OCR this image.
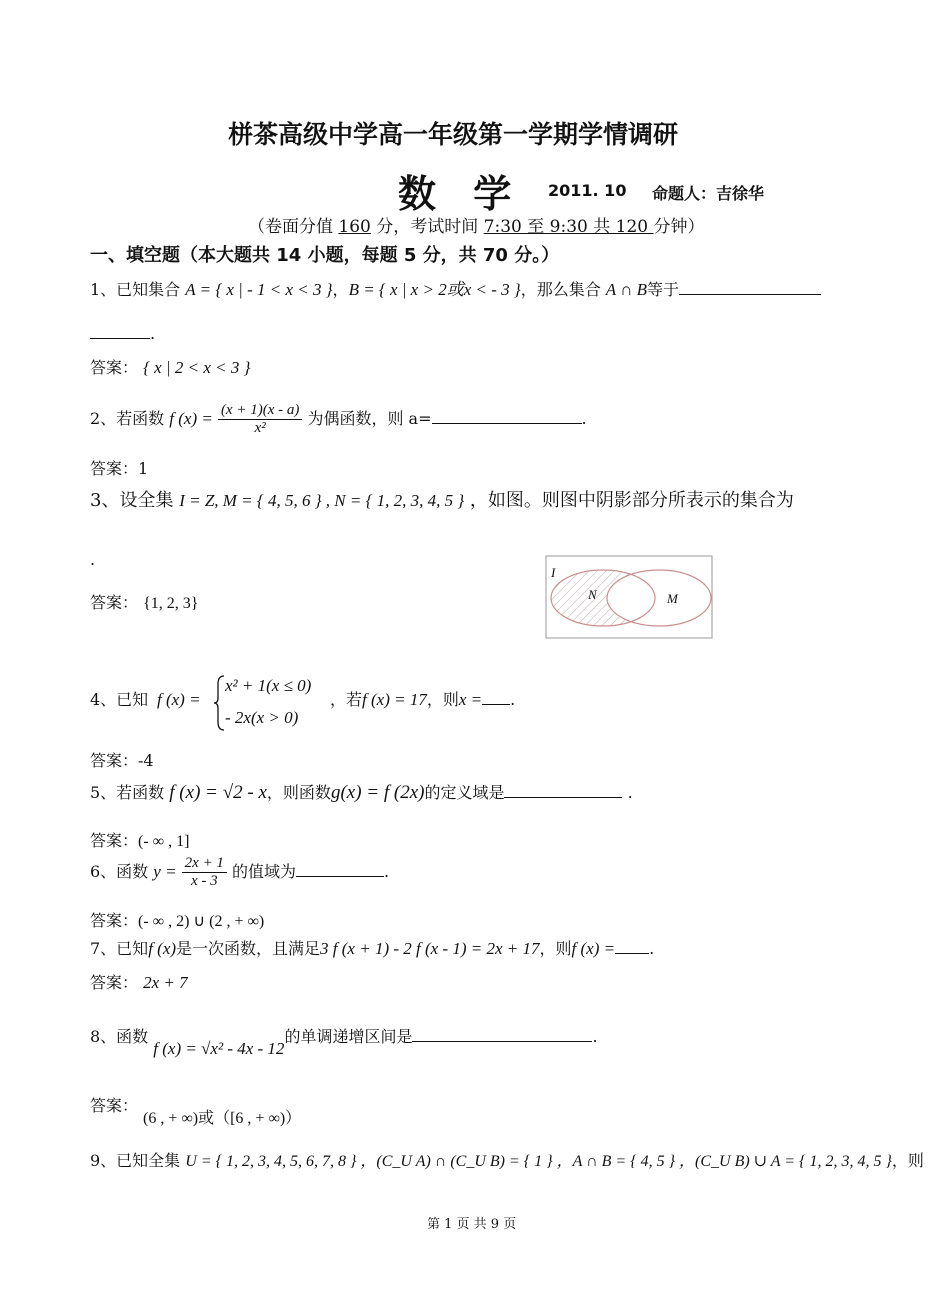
栟茶高级中学高一年级第一学期学情调研
数 学 2011. 10 命题人：吉徐华
（卷面分值 160 分，考试时间 7:30 至 9:30 共 120 分钟）
一、填空题（本大题共 14 小题，每题 5 分，共 70 分。）
1、已知集合 A = { x | - 1 < x < 3 }，B = { x | x > 2或x < - 3 }，那么集合 A ∩ B等于
.
答案： { x | 2 < x < 3 }
2、若函数 f $(x) = \frac{(x + 1)(x - a)}{\text{x²}}$ 为偶函数，则 a=	.
答案：1
3、设全集 I = Z, M = { 4, 5, 6 } , N = { 1, 2, 3, 4, 5 } ，如图。则图中阴影部分所表示的集合为
.
答案： {1, 2, 3}
I
N	M
4、已知 f (x) =
x² + 1(x ≤ 0)
- 2x(x > 0)
，若f (x) = 17，则x = .
答案：-4
5、若函数 f (x) = √2 - x，则函数g(x) = f (2x)的定义域是	.
答案：(- ∞ , 1]
6、函数 $y = \frac{2x + 1}{x - 3}$ 的值域为	.
答案：(- ∞ , 2) ∪ (2 , + ∞)
7、已知f (x)是一次函数，且满足3 f (x + 1) - 2 f (x - 1) = 2x + 17，则f (x) = .
答案： 2x + 7
8、函数 f (x) = √x² - 4x - 12的单调递增区间是	.
答案：
(6 , + ∞)或（[6 , + ∞)）
9、已知全集 U = { 1, 2, 3, 4, 5, 6, 7, 8 } ，(C_U A) ∩ (C_U B) = { 1 } ，A ∩ B = { 4, 5 } ，(C_U B) ∪ A = { 1, 2, 3, 4, 5 }，则
第 1 页 共 9 页
